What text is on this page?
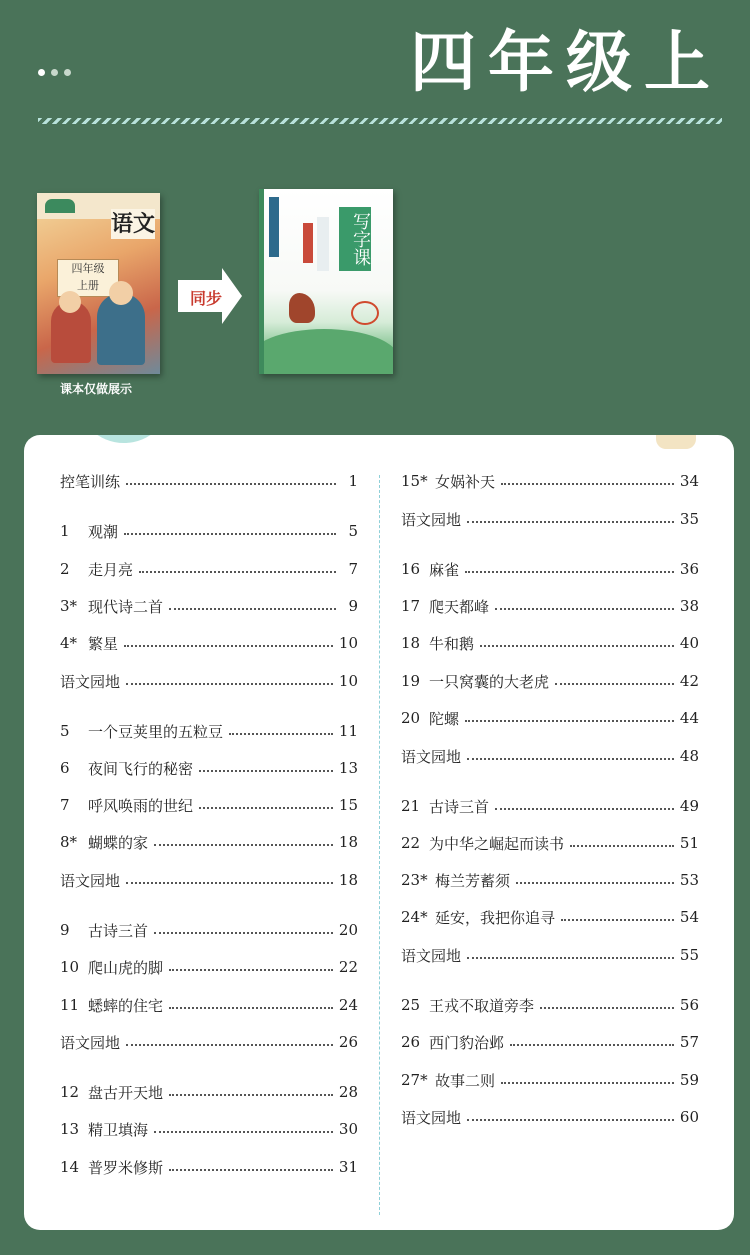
四年级上
语文
四年级
上册
课本仅做展示
同步
写字课
控笔训练	1
1	观潮	5
2	走月亮	7
3* 现代诗二首	9
4* 繁星	10
语文园地	10
5	一个豆荚里的五粒豆	11
6	夜间飞行的秘密	13
7	呼风唤雨的世纪	15
8* 蝴蝶的家	18
语文园地	18
9	古诗三首	20
10 爬山虎的脚	22
11 蟋蟀的住宅	24
语文园地	26
12 盘古开天地	28
13 精卫填海	30
14 普罗米修斯	31
15* 女娲补天	34
语文园地	35
16 麻雀	36
17 爬天都峰	38
18 牛和鹅	40
19 一只窝囊的大老虎	42
20 陀螺	44
语文园地	48
21 古诗三首	49
22 为中华之崛起而读书	51
23* 梅兰芳蓄须	53
24* 延安，我把你追寻	54
语文园地	55
25 王戎不取道旁李	56
26 西门豹治邺	57
27* 故事二则	59
语文园地	60
